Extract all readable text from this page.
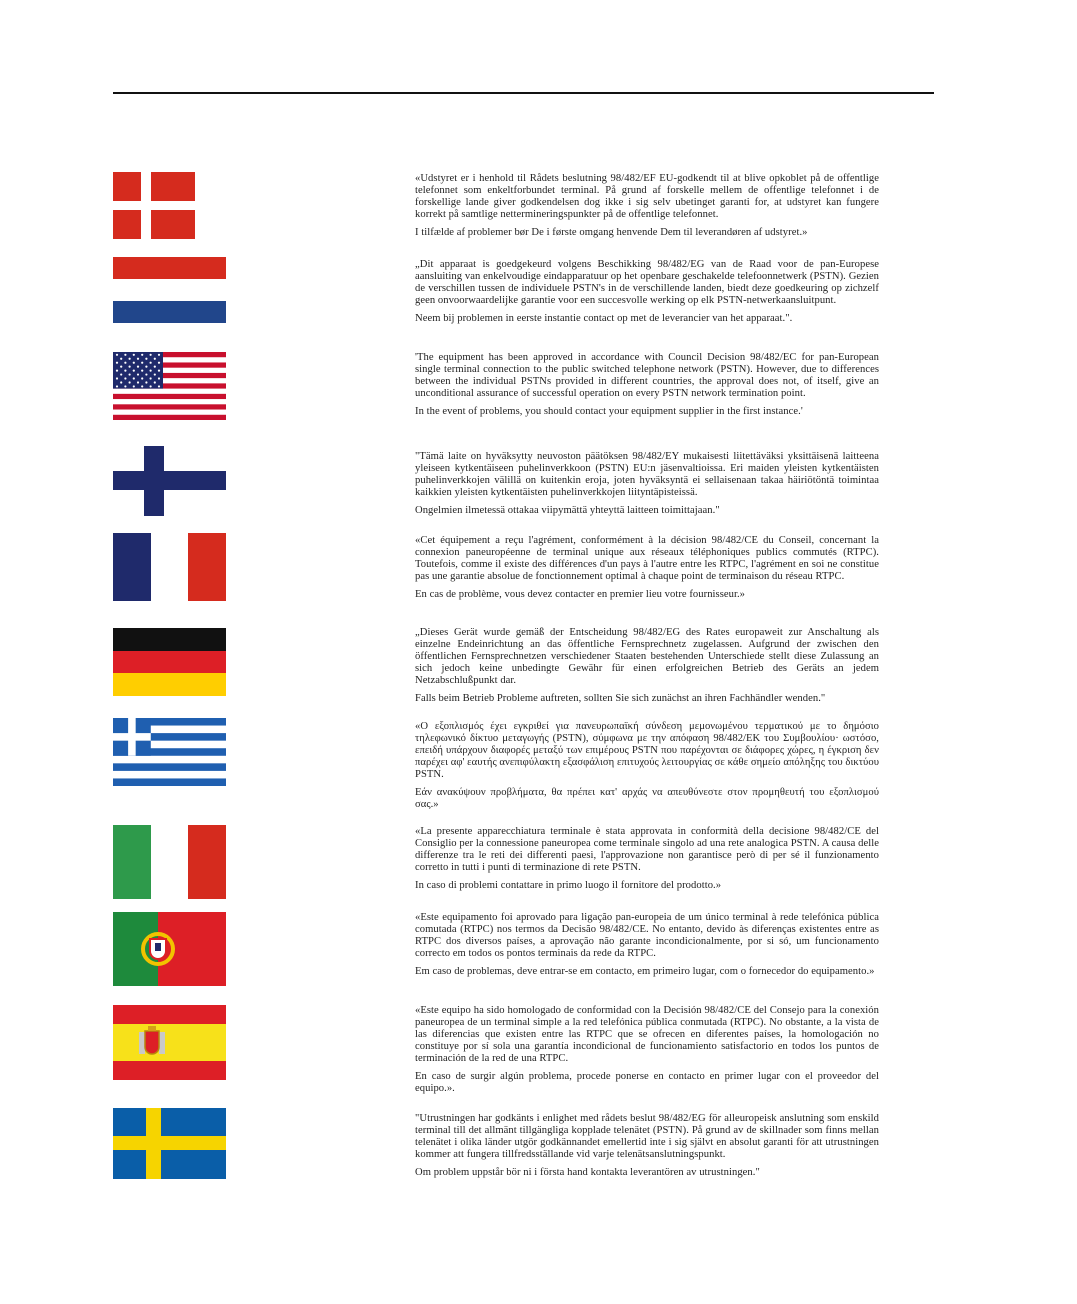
«Udstyret er i henhold til Rådets beslutning 98/482/EF EU-godkendt til at blive opkoblet på de offentlige telefonnet som enkeltforbundet terminal. På grund af forskelle mellem de offentlige telefonnet i de forskellige lande giver godkendelsen dog ikke i sig selv ubetinget garanti for, at udstyret kan fungere korrekt på samtlige nettermineringspunkter på de offentlige telefonnet.

I tilfælde af problemer bør De i første omgang henvende Dem til leverandøren af udstyret.»

„Dit apparaat is goedgekeurd volgens Beschikking 98/482/EG van de Raad voor de pan-Europese aansluiting van enkelvoudige eindapparatuur op het openbare geschakelde telefoonnetwerk (PSTN). Gezien de verschillen tussen de individuele PSTN's in de verschillende landen, biedt deze goedkeuring op zichzelf geen onvoorwaardelijke garantie voor een succesvolle werking op elk PSTN-netwerkaansluitpunt.

Neem bij problemen in eerste instantie contact op met de leverancier van het apparaat.".

'The equipment has been approved in accordance with Council Decision 98/482/EC for pan-European single terminal connection to the public switched telephone network (PSTN). However, due to differences between the individual PSTNs provided in different countries, the approval does not, of itself, give an unconditional assurance of successful operation on every PSTN network termination point.

In the event of problems, you should contact your equipment supplier in the first instance.'

"Tämä laite on hyväksytty neuvoston päätöksen 98/482/EY mukaisesti liitettäväksi yksittäisenä laitteena yleiseen kytkentäiseen puhelinverkkoon (PSTN) EU:n jäsenvaltioissa. Eri maiden yleisten kytkentäisten puhelinverkkojen välillä on kuitenkin eroja, joten hyväksyntä ei sellaisenaan takaa häiriötöntä toimintaa kaikkien yleisten kytkentäisten puhelinverkkojen liityntäpisteissä.

Ongelmien ilmetessä ottakaa viipymättä yhteyttä laitteen toimittajaan."

«Cet équipement a reçu l'agrément, conformément à la décision 98/482/CE du Conseil, concernant la connexion paneuropéenne de terminal unique aux réseaux téléphoniques publics commutés (RTPC). Toutefois, comme il existe des différences d'un pays à l'autre entre les RTPC, l'agrément en soi ne constitue pas une garantie absolue de fonctionnement optimal à chaque point de terminaison du réseau RTPC.

En cas de problème, vous devez contacter en premier lieu votre fournisseur.»

„Dieses Gerät wurde gemäß der Entscheidung 98/482/EG des Rates europaweit zur Anschaltung als einzelne Endeinrichtung an das öffentliche Fernsprechnetz zugelassen. Aufgrund der zwischen den öffentlichen Fernsprechnetzen verschiedener Staaten bestehenden Unterschiede stellt diese Zulassung an sich jedoch keine unbedingte Gewähr für einen erfolgreichen Betrieb des Geräts an jedem Netzabschlußpunkt dar.

Falls beim Betrieb Probleme auftreten, sollten Sie sich zunächst an ihren Fachhändler wenden."

«Ο εξοπλισμός έχει εγκριθεί για πανευρωπαϊκή σύνδεση μεμονωμένου τερματικού με το δημόσιο τηλεφωνικό δίκτυο μεταγωγής (PSTN), σύμφωνα με την απόφαση 98/482/ΕΚ του Συμβουλίου· ωστόσο, επειδή υπάρχουν διαφορές μεταξύ των επιμέρους PSTN που παρέχονται σε διάφορες χώρες, η έγκριση δεν παρέχει αφ' εαυτής ανεπιφύλακτη εξασφάλιση επιτυχούς λειτουργίας σε κάθε σημείο απόληξης του δικτύου PSTN.

Εάν ανακύψουν προβλήματα, θα πρέπει κατ' αρχάς να απευθύνεστε στον προμηθευτή του εξοπλισμού σας.»

«La presente apparecchiatura terminale è stata approvata in conformità della decisione 98/482/CE del Consiglio per la connessione paneuropea come terminale singolo ad una rete analogica PSTN. A causa delle differenze tra le reti dei differenti paesi, l'approvazione non garantisce però di per sé il funzionamento corretto in tutti i punti di terminazione di rete PSTN.

In caso di problemi contattare in primo luogo il fornitore del prodotto.»

«Este equipamento foi aprovado para ligação pan-europeia de um único terminal à rede telefónica pública comutada (RTPC) nos termos da Decisão 98/482/CE. No entanto, devido às diferenças existentes entre as RTPC dos diversos países, a aprovação não garante incondicionalmente, por si só, um funcionamento correcto em todos os pontos terminais da rede da RTPC.

Em caso de problemas, deve entrar-se em contacto, em primeiro lugar, com o fornecedor do equipamento.»

«Este equipo ha sido homologado de conformidad con la Decisión 98/482/CE del Consejo para la conexión paneuropea de un terminal simple a la red telefónica pública conmutada (RTPC). No obstante, a la vista de las diferencias que existen entre las RTPC que se ofrecen en diferentes países, la homologación no constituye por sí sola una garantía incondicional de funcionamiento satisfactorio en todos los puntos de terminación de la red de una RTPC.

En caso de surgir algún problema, procede ponerse en contacto en primer lugar con el proveedor del equipo.».

"Utrustningen har godkänts i enlighet med rådets beslut 98/482/EG för alleuropeisk anslutning som enskild terminal till det allmänt tillgängliga kopplade telenätet (PSTN). På grund av de skillnader som finns mellan telenätet i olika länder utgör godkännandet emellertid inte i sig självt en absolut garanti för att utrustningen kommer att fungera tillfredsställande vid varje telenätsanslutningspunkt.

Om problem uppstår bör ni i första hand kontakta leverantören av utrustningen."
